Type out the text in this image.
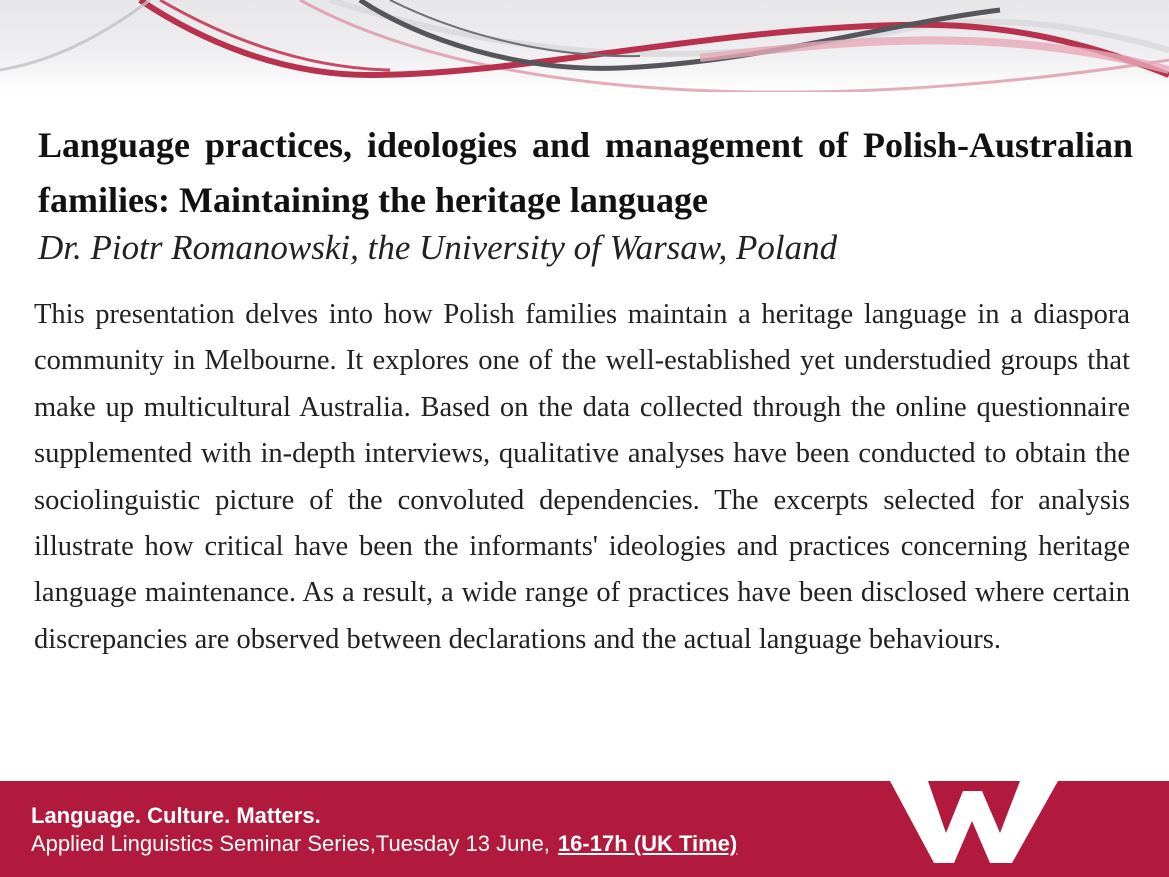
Language practices, ideologies and management of Polish-Australian families: Maintaining the heritage language

Dr. Piotr Romanowski, the University of Warsaw, Poland

This presentation delves into how Polish families maintain a heritage language in a diaspora community in Melbourne. It explores one of the well-established yet understudied groups that make up multicultural Australia. Based on the data collected through the online questionnaire supplemented with in-depth interviews, qualitative analyses have been conducted to obtain the sociolinguistic picture of the convoluted dependencies. The excerpts selected for analysis illustrate how critical have been the informants' ideologies and practices concerning heritage language maintenance. As a result, a wide range of practices have been disclosed where certain discrepancies are observed between declarations and the actual language behaviours.

Language. Culture. Matters.

Applied Linguistics Seminar Series,Tuesday 13 June, 16-17h (UK Time)
